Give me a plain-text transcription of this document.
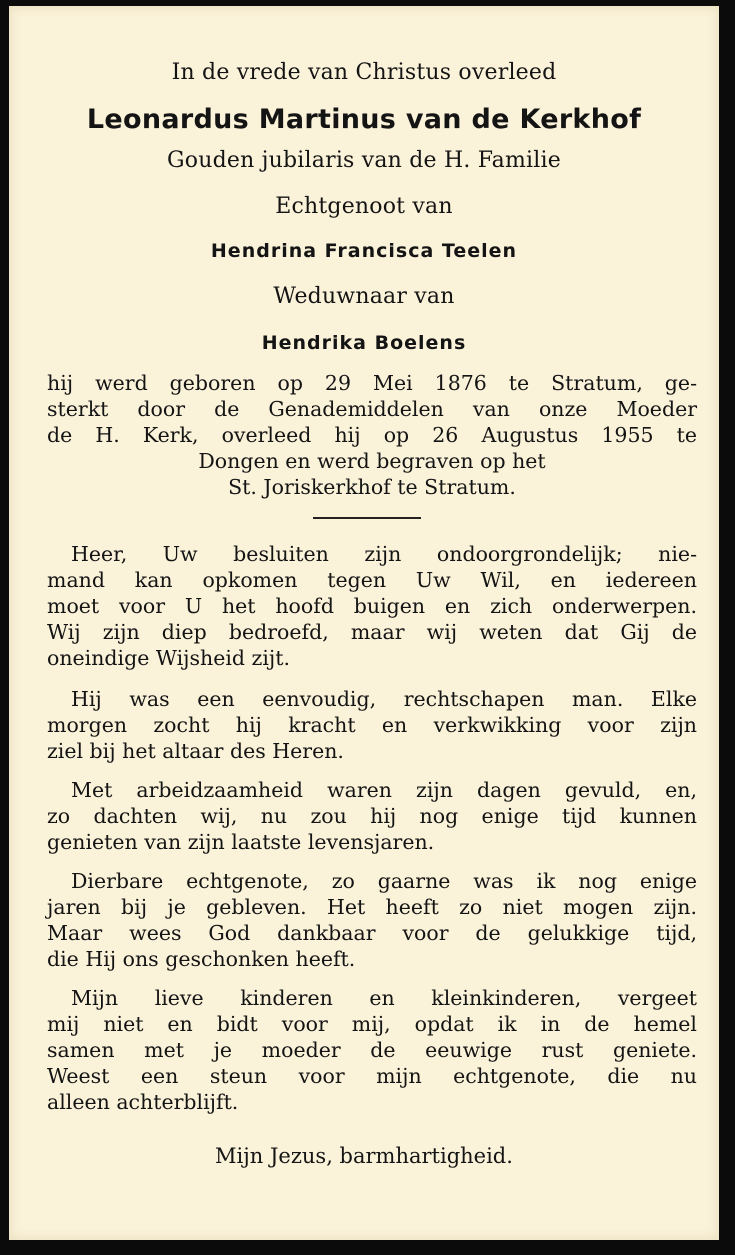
In de vrede van Christus overleed
Leonardus Martinus van de Kerkhof
Gouden jubilaris van de H. Familie
Echtgenoot van
Hendrina Francisca Teelen
Weduwnaar van
Hendrika Boelens
hij werd geboren op 29 Mei 1876 te Stratum, ge-
sterkt door de Genademiddelen van onze Moeder
de H. Kerk, overleed hij op 26 Augustus 1955 te
Dongen en werd begraven op het
St. Joriskerkhof te Stratum.
Heer, Uw besluiten zijn ondoorgrondelijk; nie-
mand kan opkomen tegen Uw Wil, en iedereen
moet voor U het hoofd buigen en zich onderwerpen.
Wij zijn diep bedroefd, maar wij weten dat Gij de
oneindige Wijsheid zijt.
Hij was een eenvoudig, rechtschapen man. Elke
morgen zocht hij kracht en verkwikking voor zijn
ziel bij het altaar des Heren.
Met arbeidzaamheid waren zijn dagen gevuld, en,
zo dachten wij, nu zou hij nog enige tijd kunnen
genieten van zijn laatste levensjaren.
Dierbare echtgenote, zo gaarne was ik nog enige
jaren bij je gebleven. Het heeft zo niet mogen zijn.
Maar wees God dankbaar voor de gelukkige tijd,
die Hij ons geschonken heeft.
Mijn lieve kinderen en kleinkinderen, vergeet
mij niet en bidt voor mij, opdat ik in de hemel
samen met je moeder de eeuwige rust geniete.
Weest een steun voor mijn echtgenote, die nu
alleen achterblijft.
Mijn Jezus, barmhartigheid.
